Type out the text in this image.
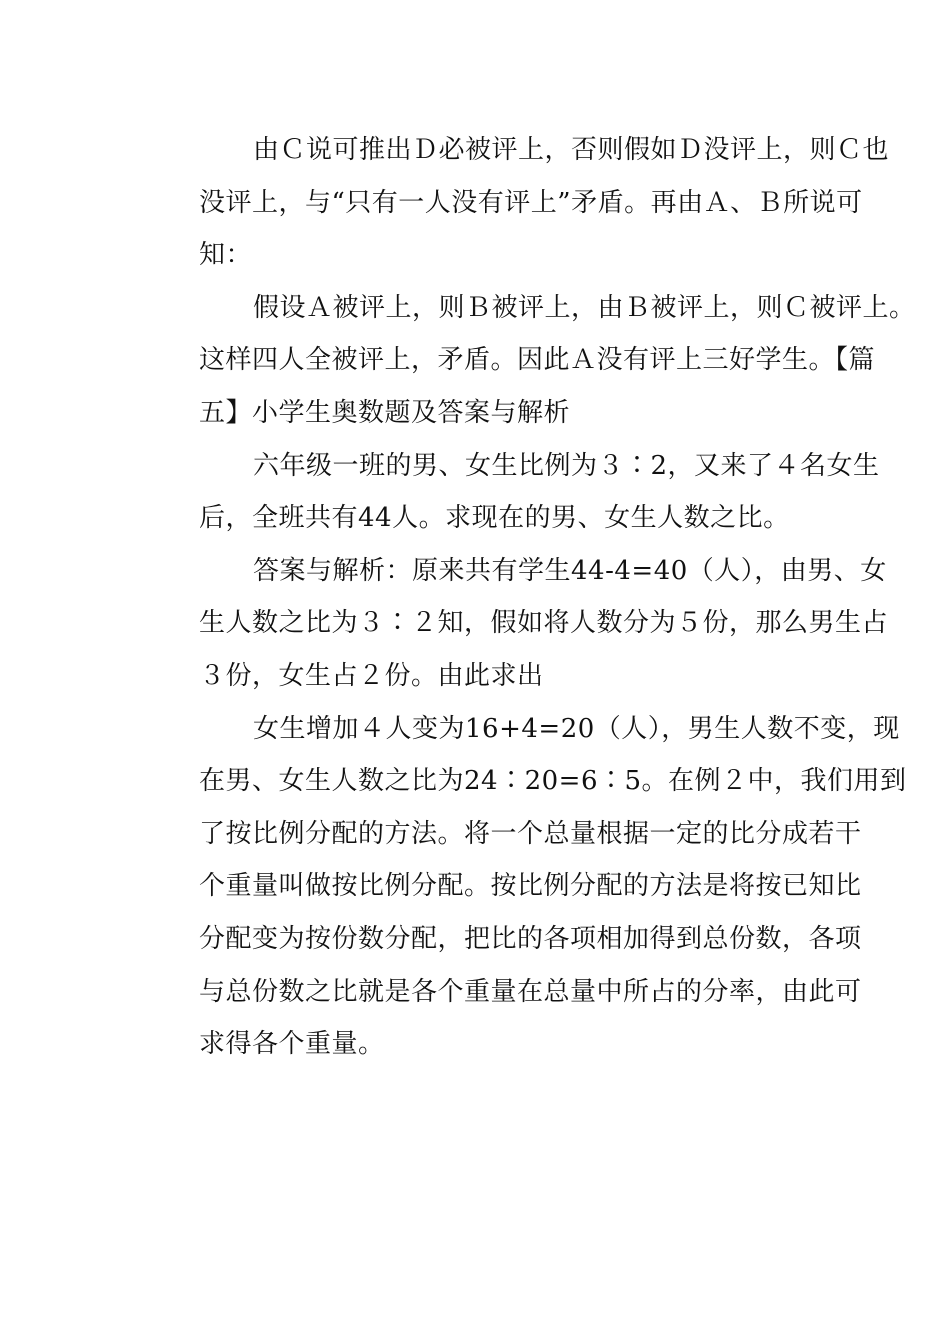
由Ｃ说可推出Ｄ必被评上，否则假如Ｄ没评上，则Ｃ也
没评上，与“只有一人没有评上”矛盾。再由Ａ、Ｂ所说可
知：
假设Ａ被评上，则Ｂ被评上，由Ｂ被评上，则Ｃ被评上。
这样四人全被评上，矛盾。因此Ａ没有评上三好学生。【篇
五】小学生奥数题及答案与解析
六年级一班的男、女生比例为３∶2，又来了４名女生
后，全班共有44人。求现在的男、女生人数之比。
答案与解析：原来共有学生44-4=40（人），由男、女
生人数之比为３∶２知，假如将人数分为５份，那么男生占
３份，女生占２份。由此求出
女生增加４人变为16+4=20（人），男生人数不变，现
在男、女生人数之比为24∶20=6∶5。在例２中，我们用到
了按比例分配的方法。将一个总量根据一定的比分成若干
个重量叫做按比例分配。按比例分配的方法是将按已知比
分配变为按份数分配，把比的各项相加得到总份数，各项
与总份数之比就是各个重量在总量中所占的分率，由此可
求得各个重量。
